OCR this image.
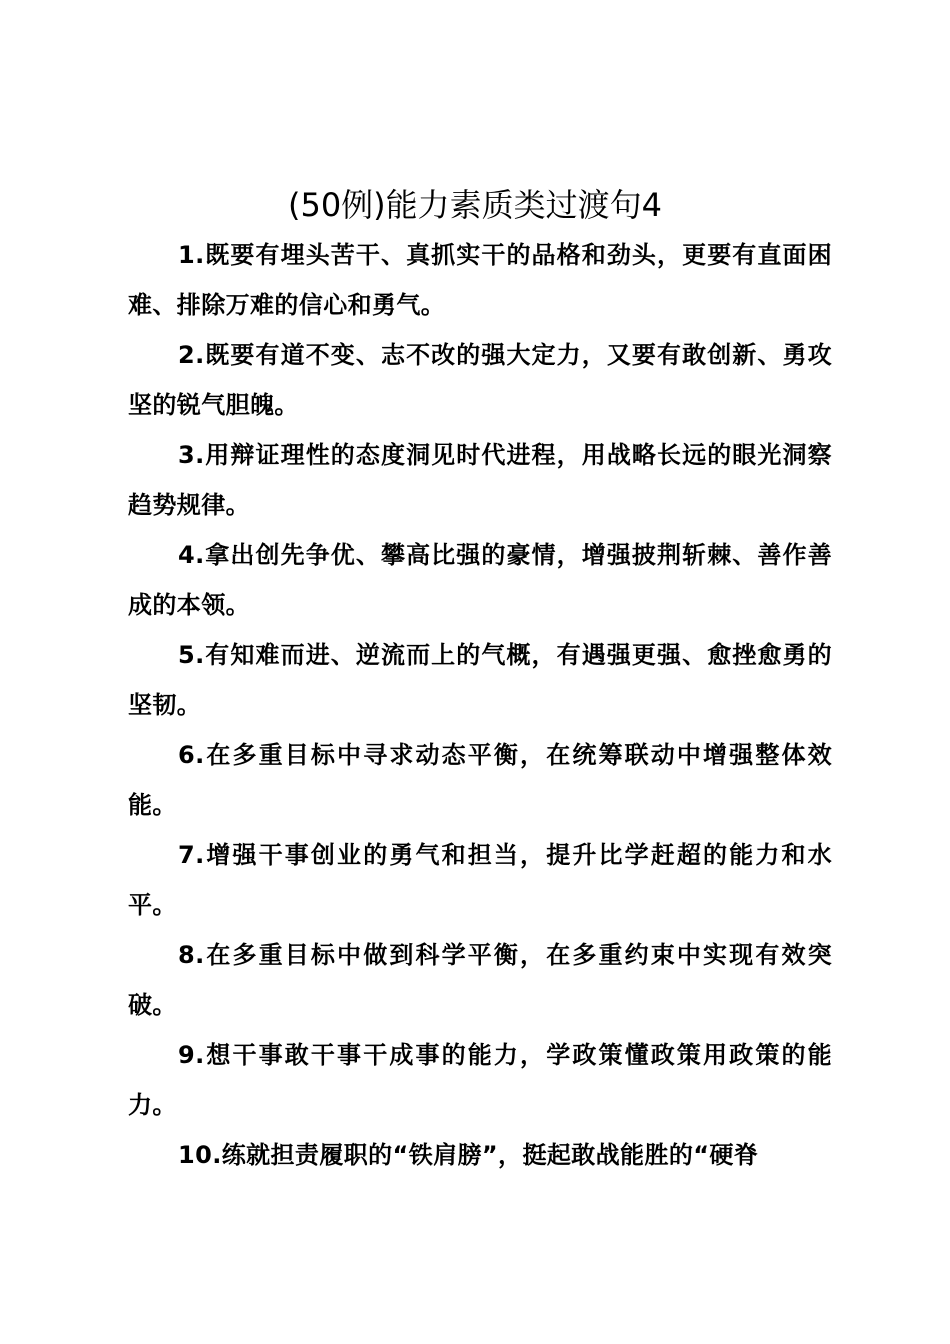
(50例)能力素质类过渡句4

1.既要有埋头苦干、真抓实干的品格和劲头，更要有直面困难、排除万难的信心和勇气。

2.既要有道不变、志不改的强大定力，又要有敢创新、勇攻坚的锐气胆魄。

3.用辩证理性的态度洞见时代进程，用战略长远的眼光洞察趋势规律。

4.拿出创先争优、攀高比强的豪情，增强披荆斩棘、善作善成的本领。

5.有知难而进、逆流而上的气概，有遇强更强、愈挫愈勇的坚韧。

6.在多重目标中寻求动态平衡，在统筹联动中增强整体效能。

7.增强干事创业的勇气和担当，提升比学赶超的能力和水平。

8.在多重目标中做到科学平衡，在多重约束中实现有效突破。

9.想干事敢干事干成事的能力，学政策懂政策用政策的能力。

10.练就担责履职的“铁肩膀”，挺起敢战能胜的“硬脊
